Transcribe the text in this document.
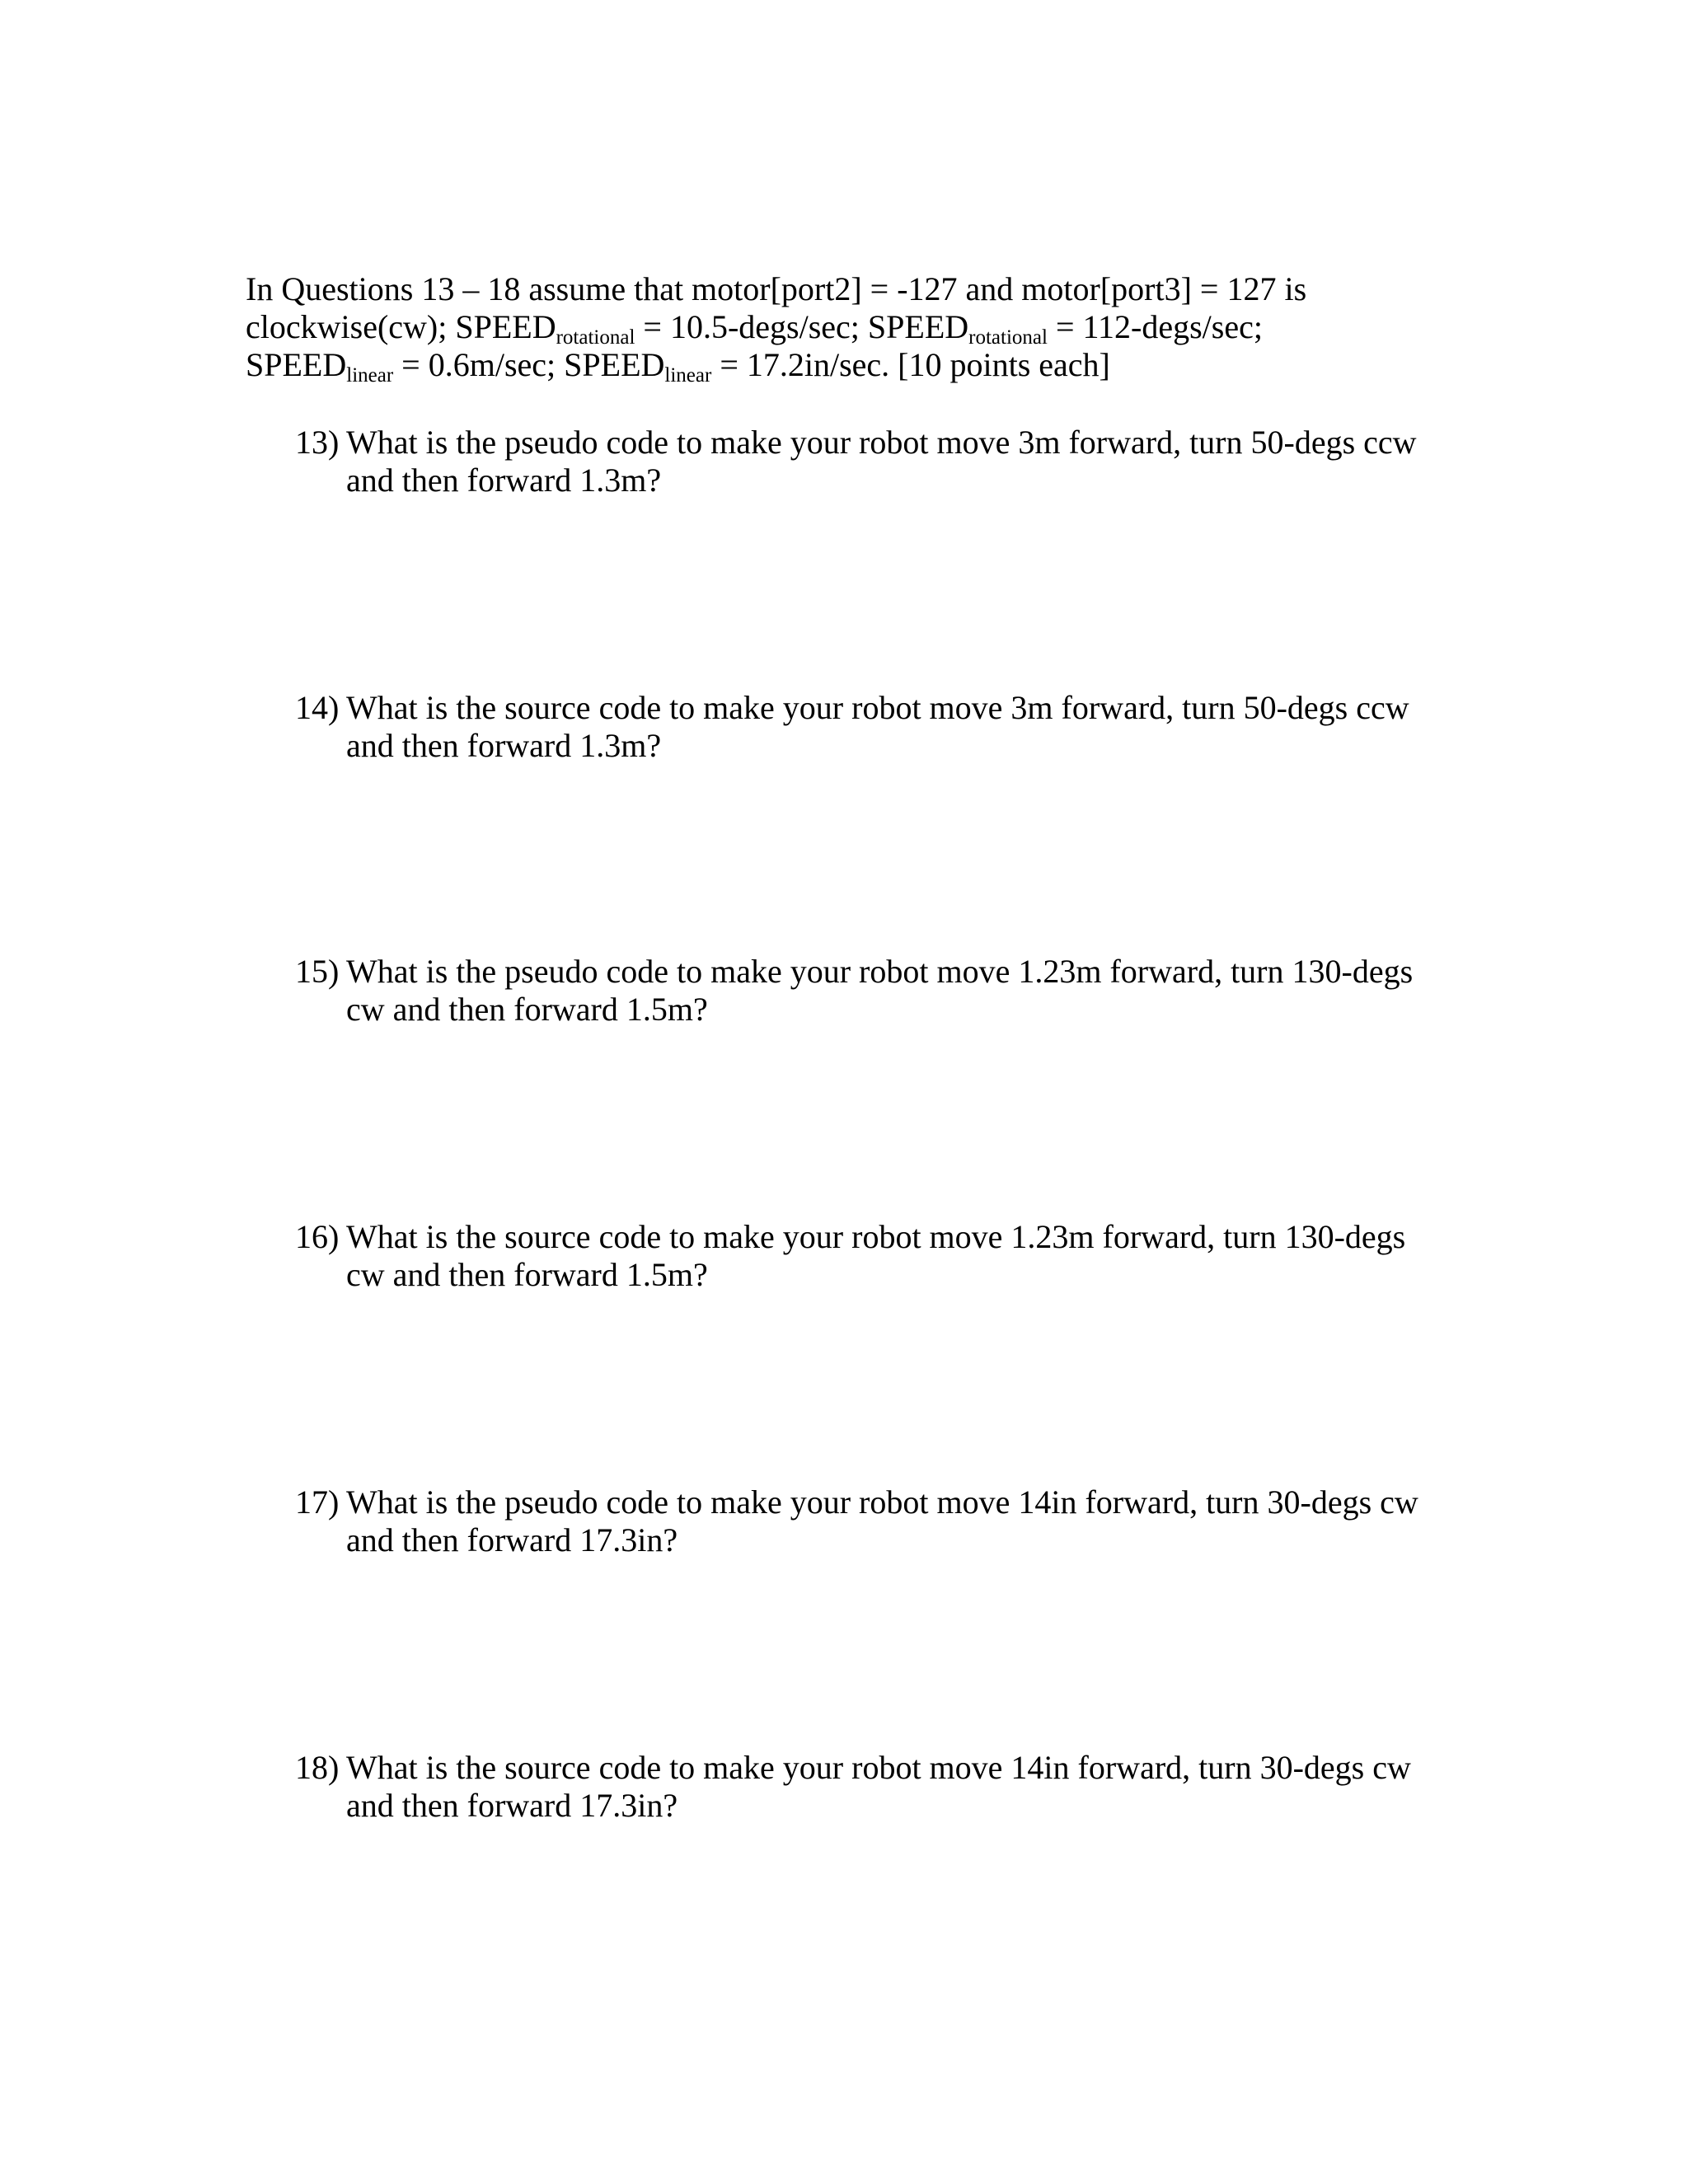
In Questions 13 – 18 assume that motor[port2] = -127 and motor[port3] = 127 is
clockwise(cw); $SPEED_{rotational}$ = 10.5-degs/sec; $SPEED_{rotational}$ = 112-degs/sec;
$SPEED_{linear} = 0.6m/\sec$; $SPEED_{linear} = 17.2in/\sec$. [10 points each]
13) What is the pseudo code to make your robot move 3m forward, turn 50-degs ccw
and then forward 1.3m?
14) What is the source code to make your robot move 3m forward, turn 50-degs ccw
and then forward 1.3m?
15) What is the pseudo code to make your robot move 1.23m forward, turn 130-degs
cw and then forward 1.5m?
16) What is the source code to make your robot move 1.23m forward, turn 130-degs
cw and then forward 1.5m?
17) What is the pseudo code to make your robot move 14in forward, turn 30-degs cw
and then forward 17.3in?
18) What is the source code to make your robot move 14in forward, turn 30-degs cw
and then forward 17.3in?
